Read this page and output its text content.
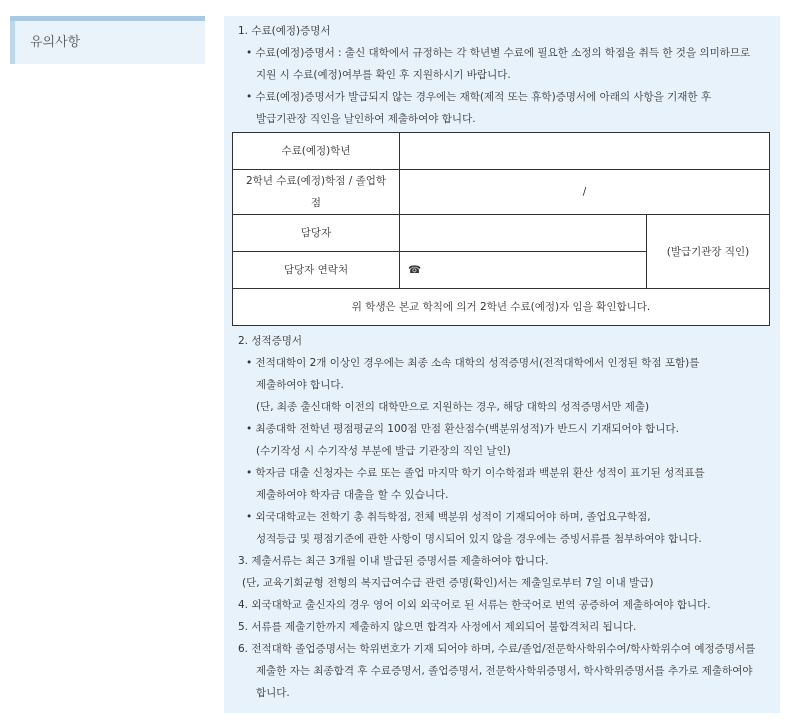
유의사항
1. 수료(예정)증명서
• 수료(예정)증명서 : 출신 대학에서 규정하는 각 학년별 수료에 필요한 소정의 학점을 취득 한 것을 의미하므로
지원 시 수료(예정)여부를 확인 후 지원하시기 바랍니다.
• 수료(예정)증명서가 발급되지 않는 경우에는 재학(제적 또는 휴학)증명서에 아래의 사항을 기재한 후
발급기관장 직인을 날인하여 제출하여야 합니다.
수료(예정)학년		
2학년 수료(예정)학점 / 졸업학점	/	
담당자		(발급기관장 직인)
담당자 연락처	☎	
위 학생은 본교 학칙에 의거 2학년 수료(예정)자 임을 확인합니다.		
2. 성적증명서
• 전적대학이 2개 이상인 경우에는 최종 소속 대학의 성적증명서(전적대학에서 인정된 학점 포함)를
제출하여야 합니다.
(단, 최종 출신대학 이전의 대학만으로 지원하는 경우, 해당 대학의 성적증명서만 제출)
• 최종대학 전학년 평점평균의 100점 만점 환산점수(백분위성적)가 반드시 기재되어야 합니다.
(수기작성 시 수기작성 부분에 발급 기관장의 직인 날인)
• 학자금 대출 신청자는 수료 또는 졸업 마지막 학기 이수학점과 백분위 환산 성적이 표기된 성적표를
제출하여야 학자금 대출을 할 수 있습니다.
• 외국대학교는 전학기 총 취득학점, 전체 백분위 성적이 기재되어야 하며, 졸업요구학점,
성적등급 및 평점기준에 관한 사항이 명시되어 있지 않을 경우에는 증빙서류를 첨부하여야 합니다.
3. 제출서류는 최근 3개월 이내 발급된 증명서를 제출하여야 합니다.
(단, 교육기회균형 전형의 복지급여수급 관련 증명(확인)서는 제출일로부터 7일 이내 발급)
4. 외국대학교 출신자의 경우 영어 이외 외국어로 된 서류는 한국어로 번역 공증하여 제출하여야 합니다.
5. 서류를 제출기한까지 제출하지 않으면 합격자 사정에서 제외되어 불합격처리 됩니다.
6. 전적대학 졸업증명서는 학위번호가 기재 되어야 하며, 수료/졸업/전문학사학위수여/학사학위수여 예정증명서를
제출한 자는 최종합격 후 수료증명서, 졸업증명서, 전문학사학위증명서, 학사학위증명서를 추가로 제출하여야
합니다.
